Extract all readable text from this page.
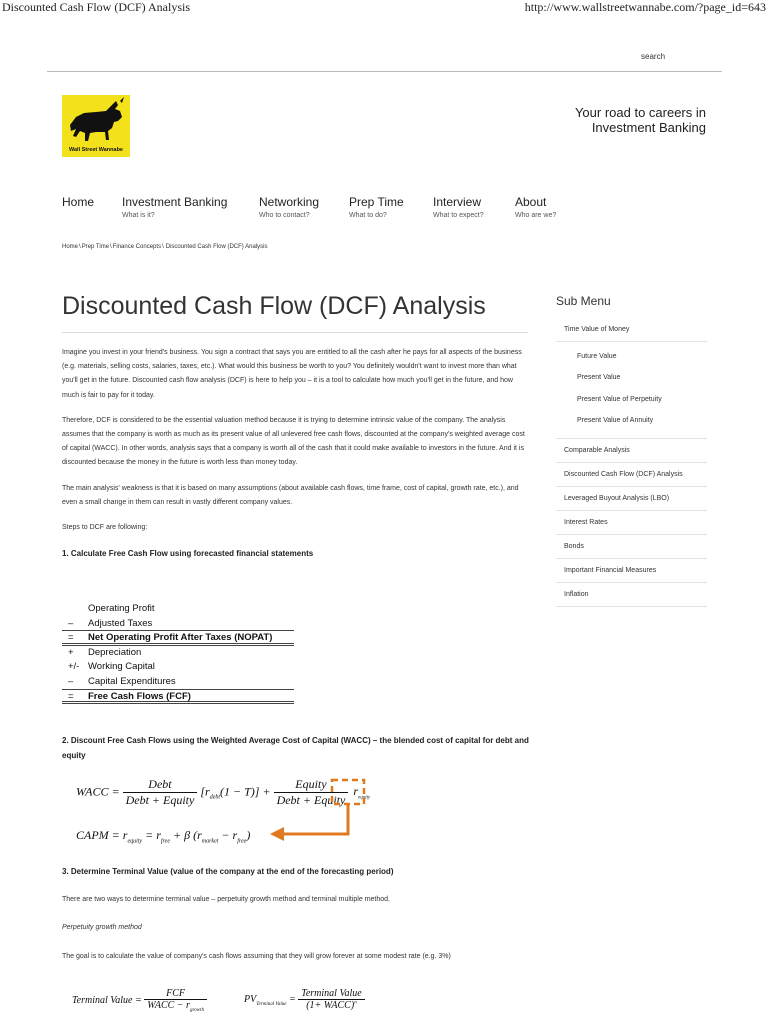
Discounted Cash Flow (DCF) Analysis	http://www.wallstreetwannabe.com/?page_id=643
search
Wall Street Wannabe
Your road to careers in
Investment Banking
Home Investment Banking
What is it?
Networking
Who to contact?
Prep Time
What to do?
Interview
What to expect?
About
Who are we?
Home\Prep Time\Finance Concepts\ Discounted Cash Flow (DCF) Analysis
Discounted Cash Flow (DCF) Analysis

Imagine you invest in your friend's business. You sign a contract that says you are entitled to all the cash after he pays for all aspects of the business (e.g. materials, selling costs, salaries, taxes, etc.). What would this business be worth to you? You definitely wouldn't want to invest more than what you'll get in the future. Discounted cash flow analysis (DCF) is here to help you – it is a tool to calculate how much you'll get in the future, and how much is fair to pay for it today.

Therefore, DCF is considered to be the essential valuation method because it is trying to determine intrinsic value of the company. The analysis assumes that the company is worth as much as its present value of all unlevered free cash flows, discounted at the company's weighted average cost of capital (WACC). In other words, analysis says that a company is worth all of the cash that it could make available to investors in the future. And it is discounted because the money in the future is worth less than money today.

The main analysis' weakness is that it is based on many assumptions (about available cash flows, time frame, cost of capital, growth rate, etc.), and even a small change in them can result in vastly different company values.

Steps to DCF are following:

1. Calculate Free Cash Flow using forecasted financial statements
Operating Profit
– Adjusted Taxes
= Net Operating Profit After Taxes (NOPAT)
+ Depreciation
+/- Working Capital
– Capital Expenditures
= Free Cash Flows (FCF)
2. Discount Free Cash Flows using the Weighted Average Cost of Capital (WACC) – the blended cost of capital for debt and equity
WACC = $\frac{\text{Debt}}{\text{Debt + Equity}} [r_{debt}(1 - T)] + \frac{\text{Equity}}{\text{Debt + Equity}} r_{equity}$
CAPM = $r_{equity} = r_{free} + \beta$ $(r_{market} - r_{free})$
3. Determine Terminal Value (value of the company at the end of the forecasting period)
There are two ways to determine terminal value – perpetuity growth method and terminal multiple method.
Perpetuity growth method
The goal is to calculate the value of company's cash flows assuming that they will grow forever at some modest rate (e.g. 3%)
Terminal Value = $\frac{\text{FCF}}{WACC - r_{growth}}$	$PV_{Terminal Value} = \frac{\text{Terminal Value}}{(1+ WACC)^n}$
Sub Menu
Time Value of Money
Future Value
Present Value
Present Value of Perpetuity
Present Value of Annuity
Comparable Analysis
Discounted Cash Flow (DCF) Analysis
Leveraged Buyout Analysis (LBO)
Interest Rates
Bonds
Important Financial Measures
Inflation
